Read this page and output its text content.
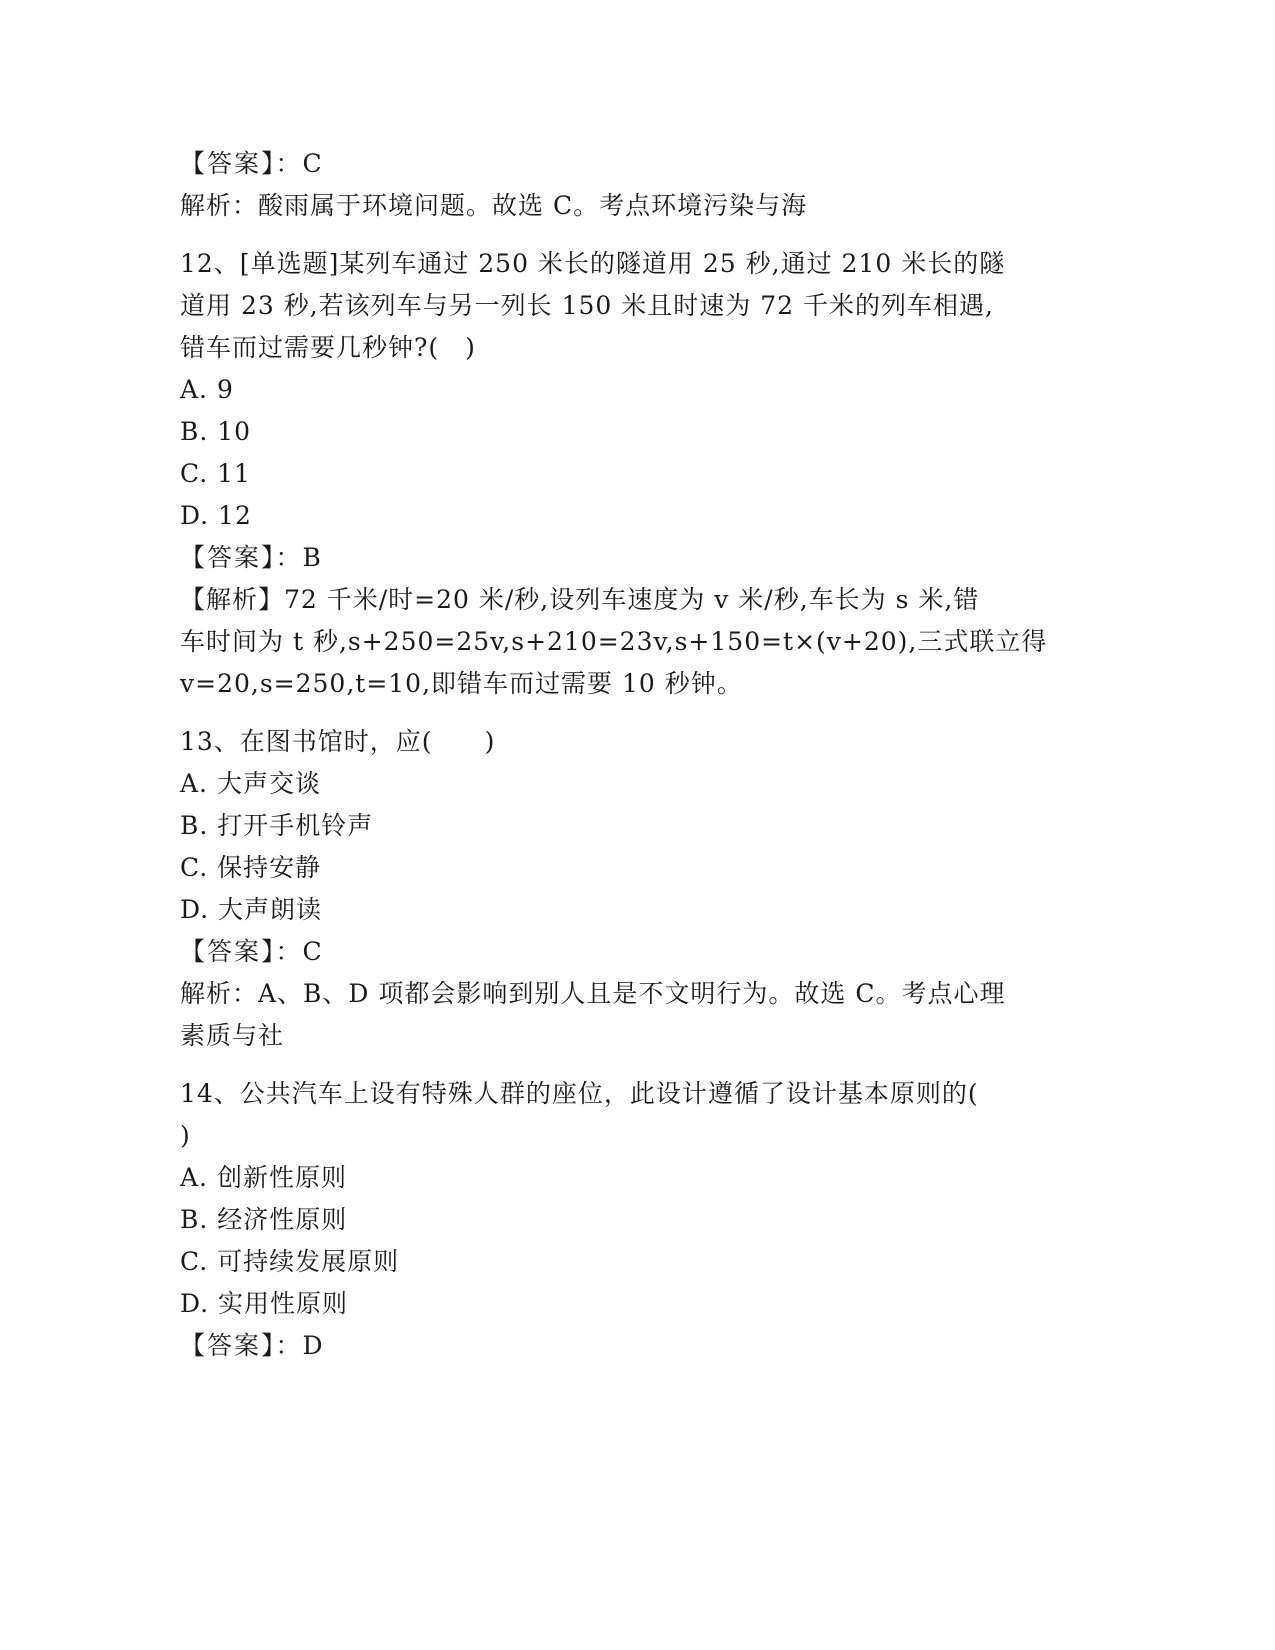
【答案】：C
解析：酸雨属于环境问题。故选 C。考点环境污染与海
12、[单选题]某列车通过 250 米长的隧道用 25 秒,通过 210 米长的隧
道用 23 秒,若该列车与另一列长 150 米且时速为 72 千米的列车相遇,
错车而过需要几秒钟?(　)
A. 9
B. 10
C. 11
D. 12
【答案】：B
【解析】72 千米/时=20 米/秒,设列车速度为 v 米/秒,车长为 s 米,错
车时间为 t 秒,s+250=25v,s+210=23v,s+150=t×(v+20),三式联立得
v=20,s=250,t=10,即错车而过需要 10 秒钟。
13、在图书馆时，应(　　)
A. 大声交谈
B. 打开手机铃声
C. 保持安静
D. 大声朗读
【答案】：C
解析：A、B、D 项都会影响到别人且是不文明行为。故选 C。考点心理
素质与社
14、公共汽车上设有特殊人群的座位，此设计遵循了设计基本原则的(
)
A. 创新性原则
B. 经济性原则
C. 可持续发展原则
D. 实用性原则
【答案】：D
